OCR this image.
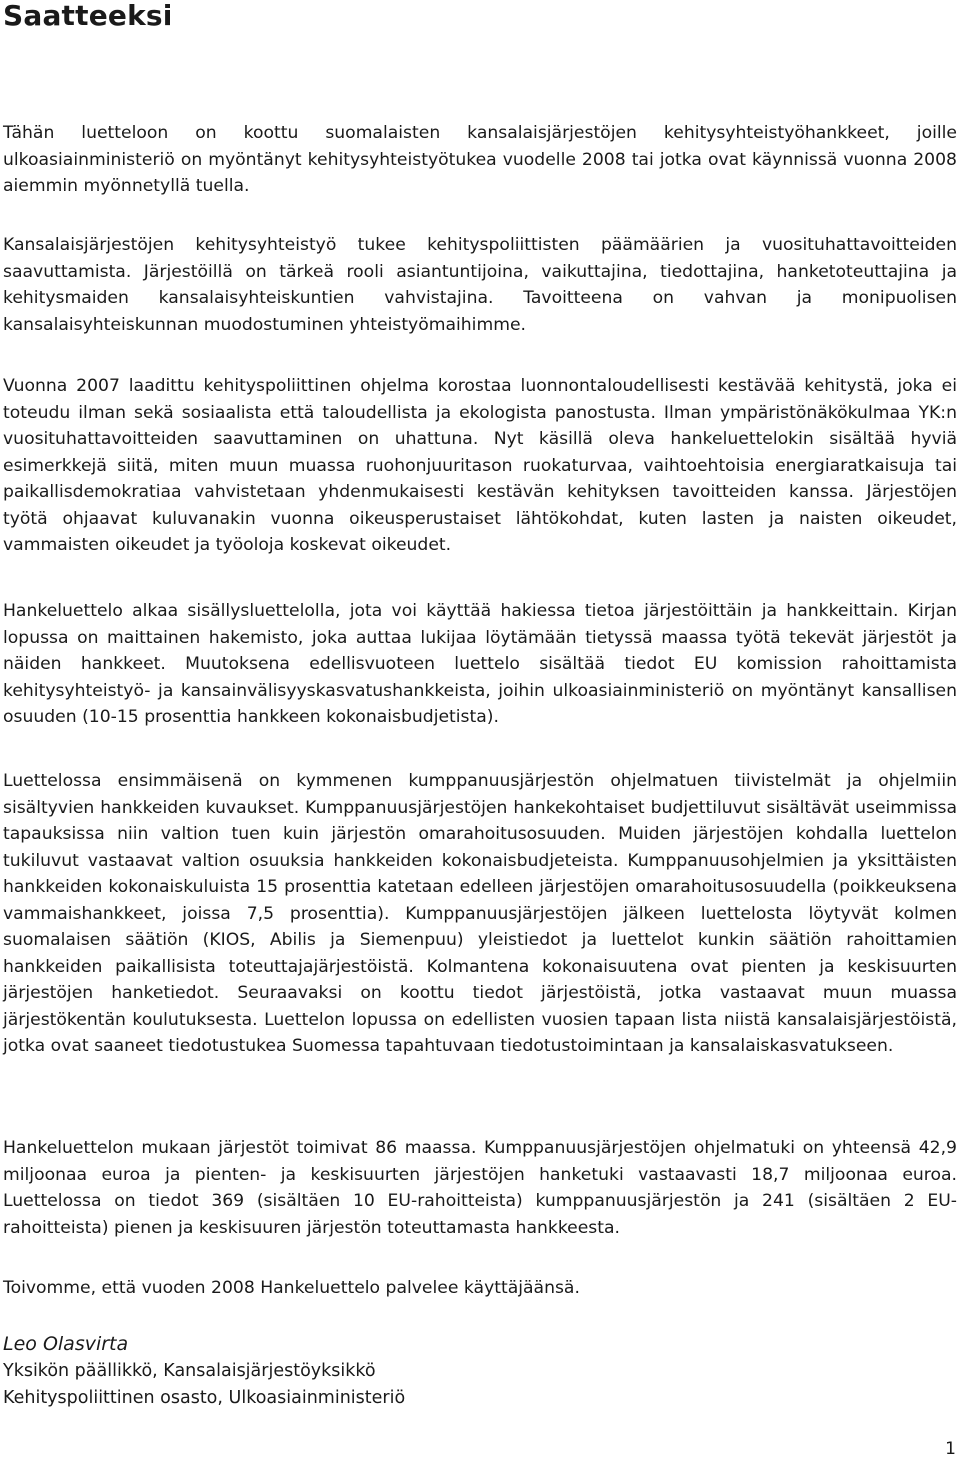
Saatteeksi

Tähän luetteloon on koottu suomalaisten kansalaisjärjestöjen kehitysyhteistyöhankkeet, joille ulkoasiainministeriö on myöntänyt kehitysyhteistyötukea vuodelle 2008 tai jotka ovat käynnissä vuonna 2008 aiemmin myönnetyllä tuella.

Kansalaisjärjestöjen kehitysyhteistyö tukee kehityspoliittisten päämäärien ja vuosituhattavoitteiden saavuttamista. Järjestöillä on tärkeä rooli asiantuntijoina, vaikuttajina, tiedottajina, hanketoteuttajina ja kehitysmaiden kansalaisyhteiskuntien vahvistajina. Tavoitteena on vahvan ja monipuolisen kansalaisyhteiskunnan muodostuminen yhteistyömaihimme.

Vuonna 2007 laadittu kehityspoliittinen ohjelma korostaa luonnontaloudellisesti kestävää kehitystä, joka ei toteudu ilman sekä sosiaalista että taloudellista ja ekologista panostusta. Ilman ympäristönäkökulmaa YK:n vuosituhattavoitteiden saavuttaminen on uhattuna. Nyt käsillä oleva hankeluettelokin sisältää hyviä esimerkkejä siitä, miten muun muassa ruohonjuuritason ruokaturvaa, vaihtoehtoisia energiaratkaisuja tai paikallisdemokratiaa vahvistetaan yhdenmukaisesti kestävän kehityksen tavoitteiden kanssa. Järjestöjen työtä ohjaavat kuluvanakin vuonna oikeusperustaiset lähtökohdat, kuten lasten ja naisten oikeudet, vammaisten oikeudet ja työoloja koskevat oikeudet.

Hankeluettelo alkaa sisällysluettelolla, jota voi käyttää hakiessa tietoa järjestöittäin ja hankkeittain. Kirjan lopussa on maittainen hakemisto, joka auttaa lukijaa löytämään tietyssä maassa työtä tekevät järjestöt ja näiden hankkeet. Muutoksena edellisvuoteen luettelo sisältää tiedot EU komission rahoittamista kehitysyhteistyö- ja kansainvälisyyskasvatushankkeista, joihin ulkoasiainministeriö on myöntänyt kansallisen osuuden (10-15 prosenttia hankkeen kokonaisbudjetista).

Luettelossa ensimmäisenä on kymmenen kumppanuusjärjestön ohjelmatuen tiivistelmät ja ohjelmiin sisältyvien hankkeiden kuvaukset. Kumppanuusjärjestöjen hankekohtaiset budjettiluvut sisältävät useimmissa tapauksissa niin valtion tuen kuin järjestön omarahoitusosuuden. Muiden järjestöjen kohdalla luettelon tukiluvut vastaavat valtion osuuksia hankkeiden kokonaisbudjeteista. Kumppanuusohjelmien ja yksittäisten hankkeiden kokonaiskuluista 15 prosenttia katetaan edelleen järjestöjen omarahoitusosuudella (poikkeuksena vammaishankkeet, joissa 7,5 prosenttia). Kumppanuusjärjestöjen jälkeen luettelosta löytyvät kolmen suomalaisen säätiön (KIOS, Abilis ja Siemenpuu) yleistiedot ja luettelot kunkin säätiön rahoittamien hankkeiden paikallisista toteuttajajärjestöistä. Kolmantena kokonaisuutena ovat pienten ja keskisuurten järjestöjen hanketiedot. Seuraavaksi on koottu tiedot järjestöistä, jotka vastaavat muun muassa järjestökentän koulutuksesta. Luettelon lopussa on edellisten vuosien tapaan lista niistä kansalaisjärjestöistä, jotka ovat saaneet tiedotustukea Suomessa tapahtuvaan tiedotustoimintaan ja kansalaiskasvatukseen.

Hankeluettelon mukaan järjestöt toimivat 86 maassa. Kumppanuusjärjestöjen ohjelmatuki on yhteensä 42,9 miljoonaa euroa ja pienten- ja keskisuurten järjestöjen hanketuki vastaavasti 18,7 miljoonaa euroa. Luettelossa on tiedot 369 (sisältäen 10 EU-rahoitteista) kumppanuusjärjestön ja 241 (sisältäen 2 EU-rahoitteista) pienen ja keskisuuren järjestön toteuttamasta hankkeesta.

Toivomme, että vuoden 2008 Hankeluettelo palvelee käyttäjäänsä.

Leo Olasvirta
Yksikön päällikkö, Kansalaisjärjestöyksikkö
Kehityspoliittinen osasto, Ulkoasiainministeriö
1
